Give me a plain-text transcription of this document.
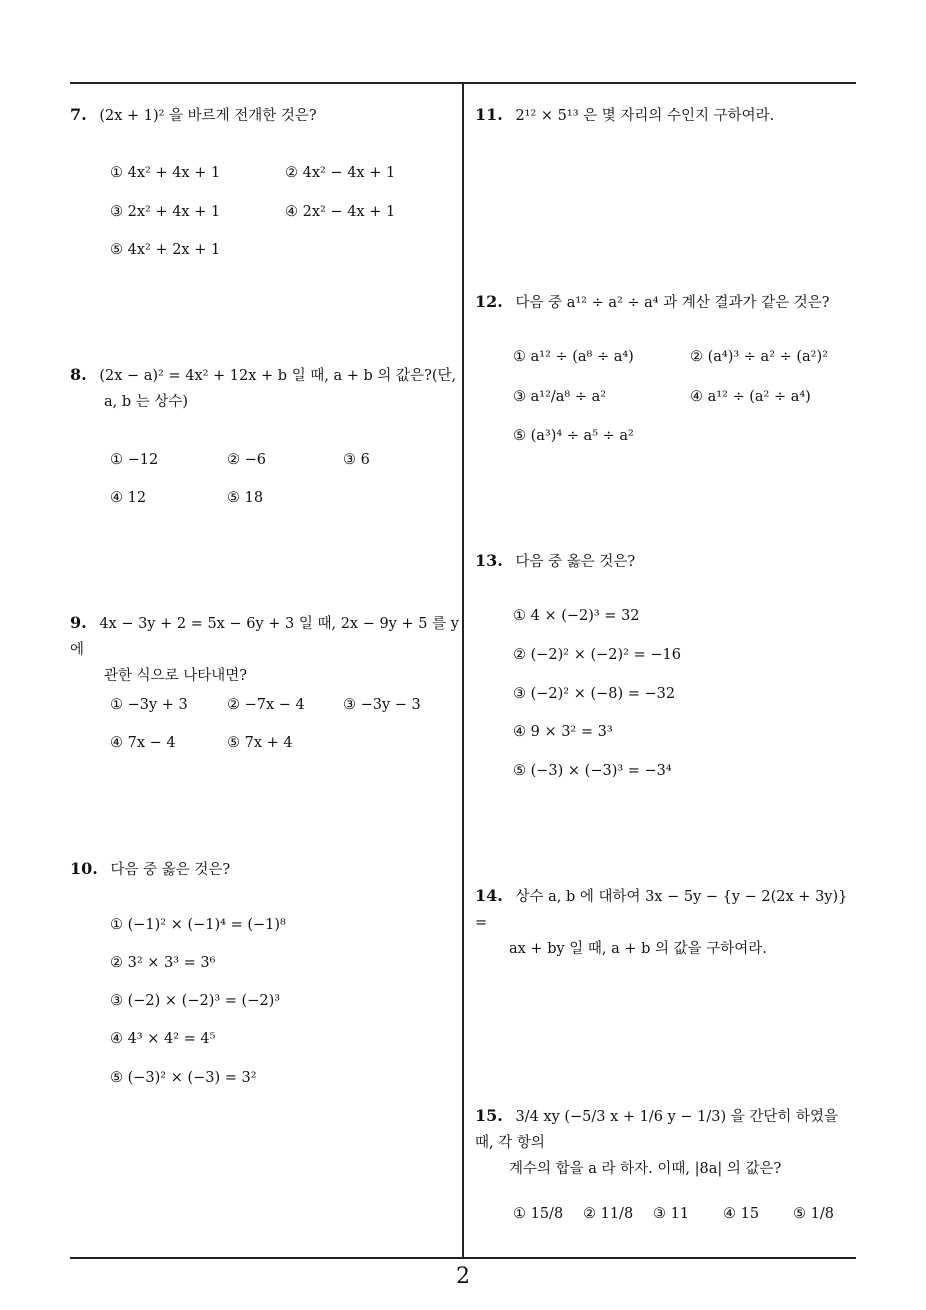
7. (2x + 1)² 을 바르게 전개한 것은?
① 4x² + 4x + 1	② 4x² − 4x + 1
③ 2x² + 4x + 1	④ 2x² − 4x + 1
⑤ 4x² + 2x + 1
8. (2x − a)² = 4x² + 12x + b 일 때, a + b 의 값은?(단,
a, b 는 상수)
① −12	② −6	③ 6
④ 12	⑤ 18
9. 4x − 3y + 2 = 5x − 6y + 3 일 때, 2x − 9y + 5 를 y 에
관한 식으로 나타내면?
① −3y + 3	② −7x − 4	③ −3y − 3
④ 7x − 4	⑤ 7x + 4
10. 다음 중 옳은 것은?
① (−1)² × (−1)⁴ = (−1)⁸
② 3² × 3³ = 3⁶
③ (−2) × (−2)³ = (−2)³
④ 4³ × 4² = 4⁵
⑤ (−3)² × (−3) = 3²
11. 2¹² × 5¹³ 은 몇 자리의 수인지 구하여라.
12. 다음 중 a¹² ÷ a² ÷ a⁴ 과 계산 결과가 같은 것은?
① a¹² ÷ (a⁸ ÷ a⁴)	② (a⁴)³ ÷ a² ÷ (a²)²
③ a¹²/a⁸ ÷ a²	④ a¹² ÷ (a² ÷ a⁴)
⑤ (a³)⁴ ÷ a⁵ ÷ a²
13. 다음 중 옳은 것은?
① 4 × (−2)³ = 32
② (−2)² × (−2)² = −16
③ (−2)² × (−8) = −32
④ 9 × 3² = 3³
⑤ (−3) × (−3)³ = −3⁴
14. 상수 a, b 에 대하여 3x − 5y − {y − 2(2x + 3y)} =
ax + by 일 때, a + b 의 값을 구하여라.
15. 3/4 xy (−5/3 x + 1/6 y − 1/3) 을 간단히 하였을 때, 각 항의
계수의 합을 a 라 하자. 이때, |8a| 의 값은?
① 15/8 ② 11/8 ③ 11 ④ 15 ⑤ 1/8
2
